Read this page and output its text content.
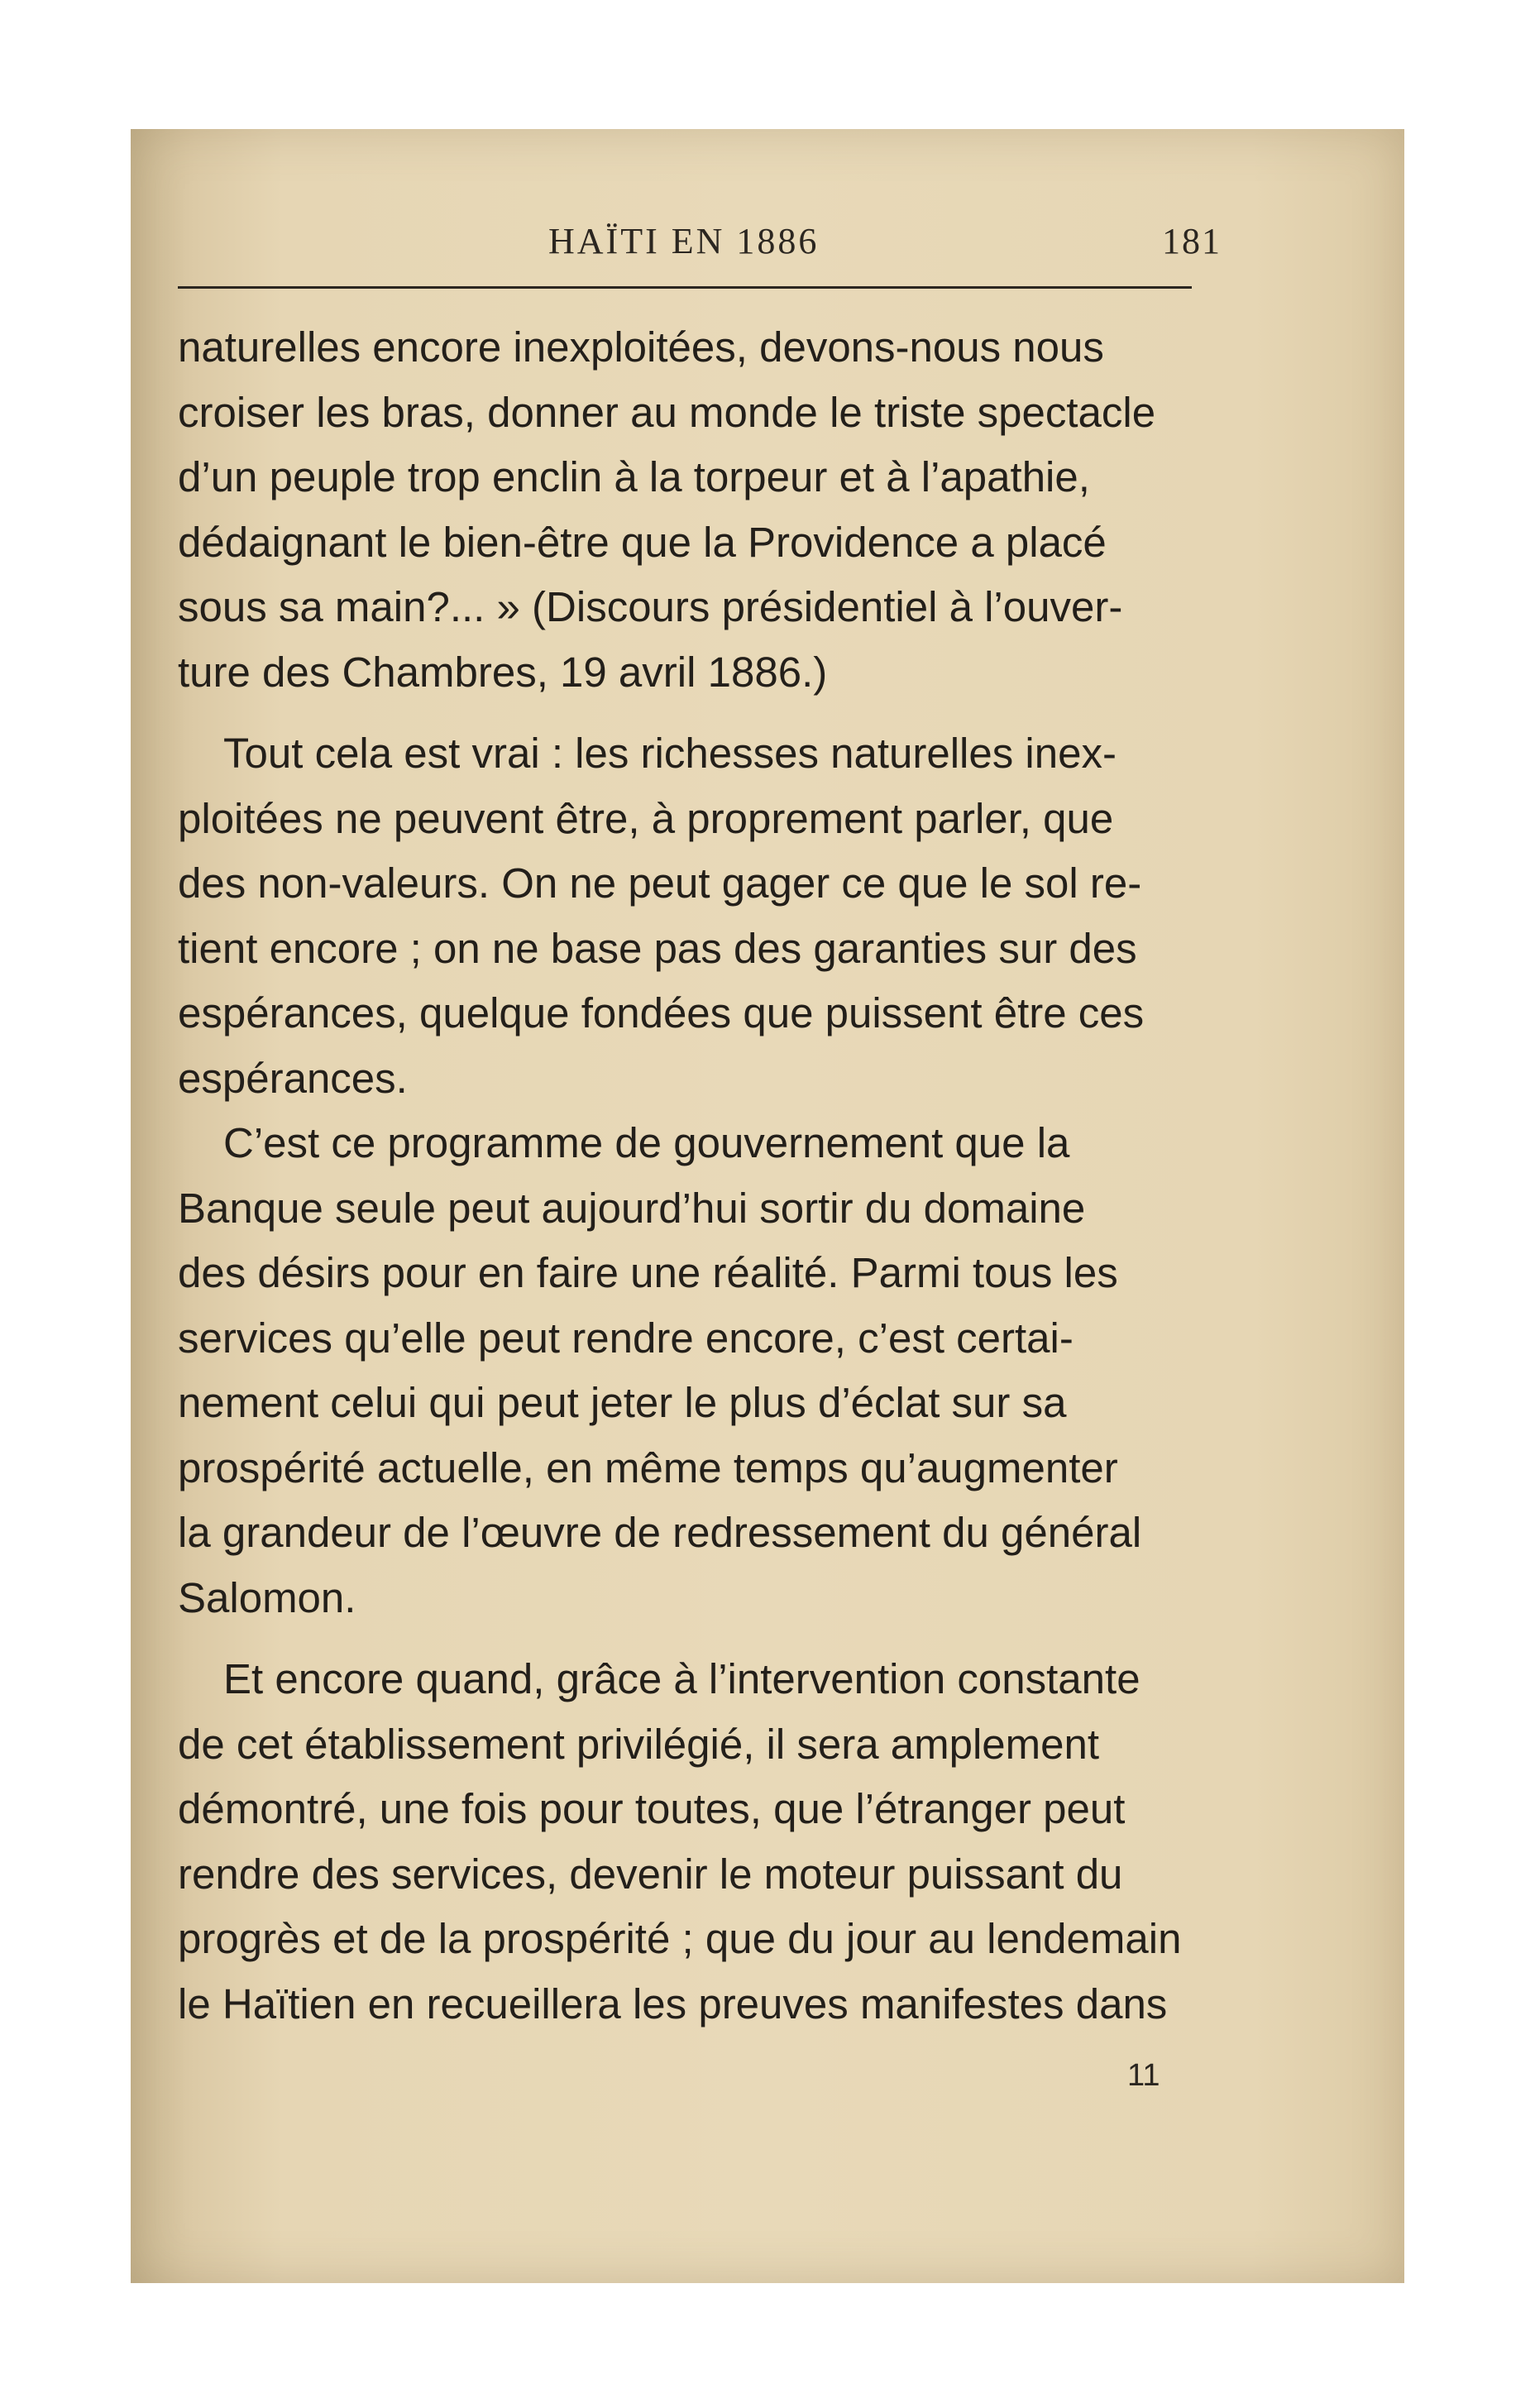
HAÏTI EN 1886	181

naturelles encore inexploitées, devons-nous nous
croiser les bras, donner au monde le triste spectacle
d’un peuple trop enclin à la torpeur et à l’apathie,
dédaignant le bien-être que la Providence a placé
sous sa main?... » (Discours présidentiel à l’ouver-
ture des Chambres, 19 avril 1886.)

Tout cela est vrai : les richesses naturelles inex-
ploitées ne peuvent être, à proprement parler, que
des non-valeurs. On ne peut gager ce que le sol re-
tient encore ; on ne base pas des garanties sur des
espérances, quelque fondées que puissent être ces
espérances.

C’est ce programme de gouvernement que la
Banque seule peut aujourd’hui sortir du domaine
des désirs pour en faire une réalité. Parmi tous les
services qu’elle peut rendre encore, c’est certai-
nement celui qui peut jeter le plus d’éclat sur sa
prospérité actuelle, en même temps qu’augmenter
la grandeur de l’œuvre de redressement du général
Salomon.

Et encore quand, grâce à l’intervention constante
de cet établissement privilégié, il sera amplement
démontré, une fois pour toutes, que l’étranger peut
rendre des services, devenir le moteur puissant du
progrès et de la prospérité ; que du jour au lendemain
le Haïtien en recueillera les preuves manifestes dans

11
